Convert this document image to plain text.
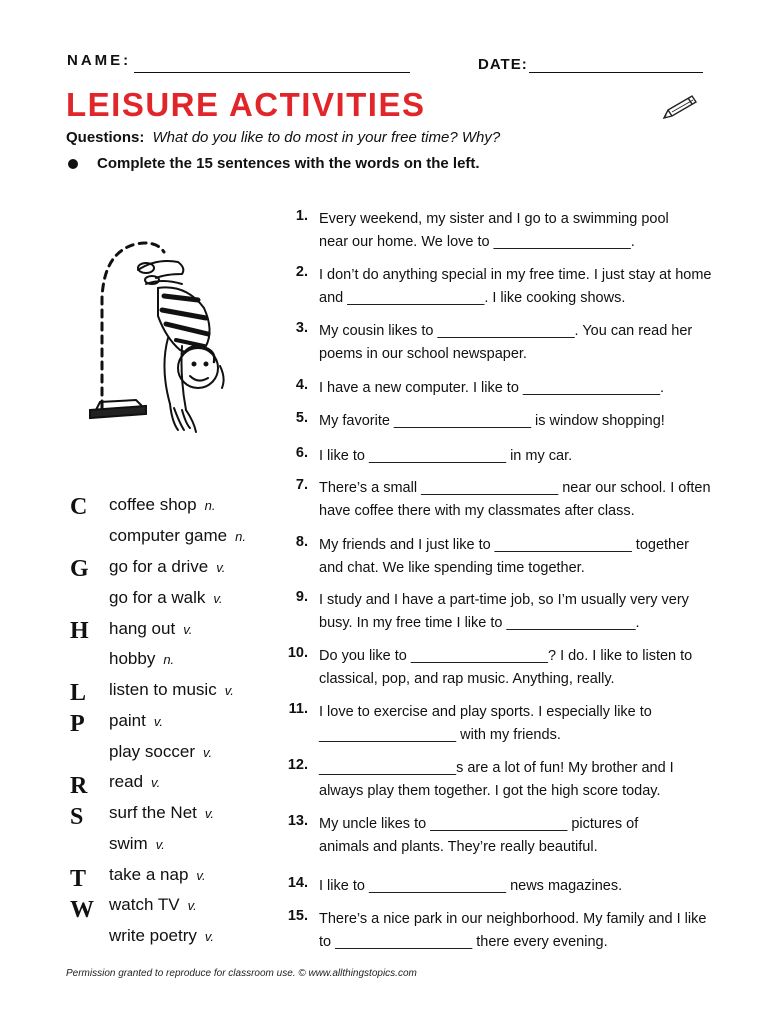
NAME:	DATE:
LEISURE ACTIVITIES
Questions: What do you like to do most in your free time? Why?
Complete the 15 sentences with the words on the left.
1. Every weekend, my sister and I go to a swimming pool near our home. We love to _________________.
2. I don’t do anything special in my free time. I just stay at home and _________________. I like cooking shows.
3. My cousin likes to _________________. You can read her poems in our school newspaper.
4. I have a new computer. I like to _________________.
5. My favorite _________________ is window shopping!
6. I like to _________________ in my car.
7. There’s a small _________________ near our school. I often have coffee there with my classmates after class.
8. My friends and I just like to _________________ together and chat. We like spending time together.
9. I study and I have a part-time job, so I’m usually very very busy. In my free time I like to ________________.
10. Do you like to _________________? I do. I like to listen to classical, pop, and rap music. Anything, really.
11. I love to exercise and play sports. I especially like to _________________ with my friends.
12. _________________s are a lot of fun! My brother and I always play them together. I got the high score today.
13. My uncle likes to _________________ pictures of animals and plants. They’re really beautiful.
14. I like to _________________ news magazines.
15. There’s a nice park in our neighborhood. My family and I like to _________________ there every evening.
C coffee shop n.
computer game n.
G go for a drive v.
go for a walk v.
H hang out v.
hobby n.
L listen to music v.
P paint v.
play soccer v.
R read v.
S surf the Net v.
swim v.
T take a nap v.
W watch TV v.
write poetry v.
Permission granted to reproduce for classroom use. © www.allthingstopics.com
